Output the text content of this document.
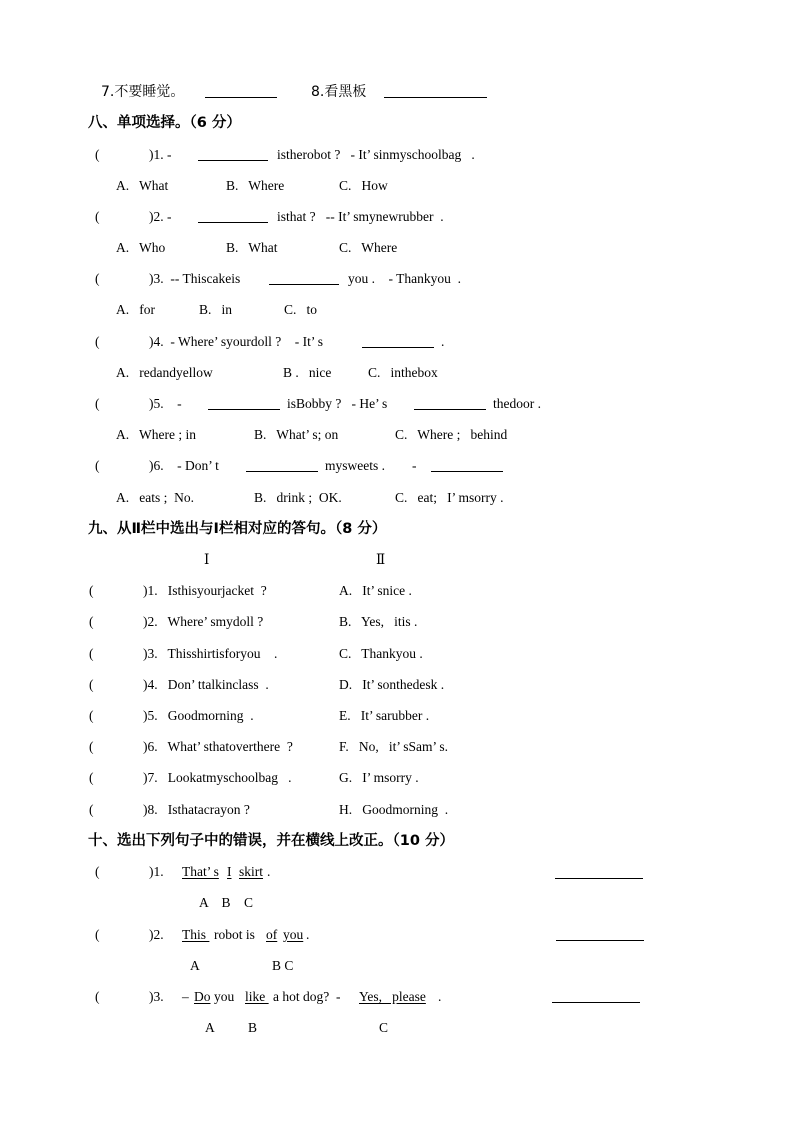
7.不要睡觉。	8.看黑板
八、单项选择。（6 分）
(	)1. -	istherobot ?   - It’ sinmyschoolbag   .
A.   What	B.   Where	C.   How
(	)2. -	isthat ?   -- It’ smynewrubber  .
A.   Who	B.   What	C.   Where
(	)3.  -- Thiscakeis	you .    - Thankyou  .
A.   for	B.   in	C.   to
(	)4.  - Where’ syourdoll ?    - It’ s	.
A.   redandyellow	B .   nice	C.   inthebox
(	)5.    -	isBobby ?   - He’ s	thedoor .
A.   Where ; in	B.   What’ s; on	C.   Where ;   behind
(	)6.    - Don’ t	mysweets . -
A.   eats ;  No.	B.   drink ;  OK.	C.   eat;   I’ msorry .
九、从Ⅱ栏中选出与Ⅰ栏相对应的答句。（8 分）
Ⅰ	Ⅱ
(	)1.   Isthisyourjacket  ?	A.   It’ snice .
(	)2.   Where’ smydoll ?	B.   Yes,   itis .
(	)3.   Thisshirtisforyou    .	C.   Thankyou .
(	)4.   Don’ ttalkinclass  .	D.   It’ sonthedesk .
(	)5.   Goodmorning  .	E.   It’ sarubber .
(	)6.   What’ sthatoverthere  ?	F.   No,   it’ sSam’ s.
(	)7.   Lookatmyschoolbag   .	G.   I’ msorry .
(	)8.   Isthatacrayon ?	H.   Goodmorning  .
十、选出下列句子中的错误，并在横线上改正。（10 分）
(	)1. That’ s I skirt .
A    B    C
(	)2. This robot is of you .
A	B C
(	)3. – Do you like a hot dog?  - Yes,   please .
A B	C
